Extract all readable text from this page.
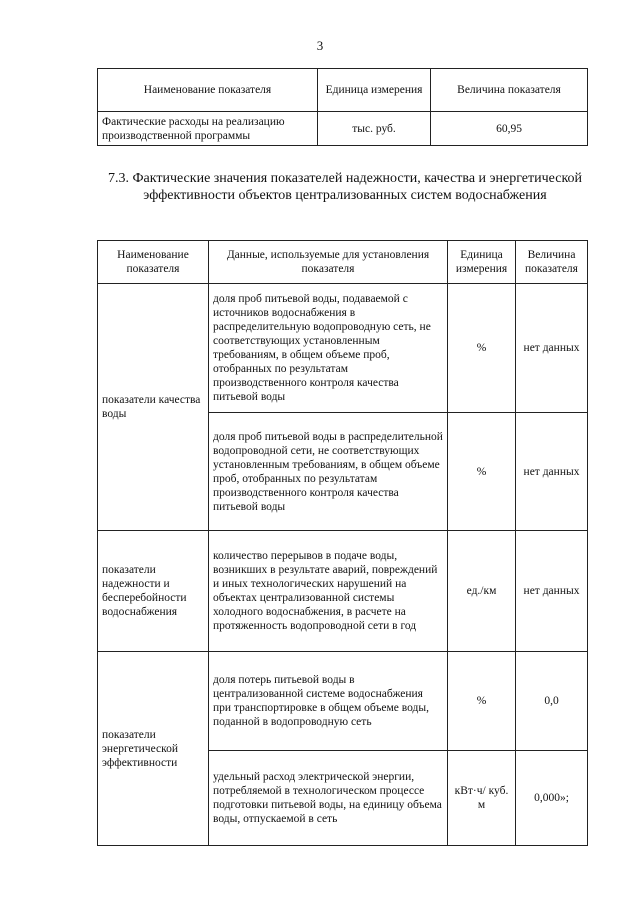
3
Наименование показателя	Единица измерения	Величина показателя
Фактические расходы на реализацию производственной программы	тыс. руб.	60,95
7.3. Фактические значения показателей надежности, качества и энергетической эффективности объектов централизованных систем водоснабжения
Наименование показателя	Данные, используемые для установления показателя	Единица измерения	Величина показателя
показатели качества воды	доля проб питьевой воды, подаваемой с источников водоснабжения в распределительную водопроводную сеть, не соответствующих установленным требованиям, в общем объеме проб, отобранных по результатам производственного контроля качества питьевой воды	%	нет данных
	доля проб питьевой воды в распределительной водопроводной сети, не соответствующих установленным требованиям, в общем объеме проб, отобранных по результатам производственного контроля качества питьевой воды	%	нет данных
показатели надежности и бесперебойности водоснабжения	количество перерывов в подаче воды, возникших в результате аварий, повреждений и иных технологических нарушений на объектах централизованной системы холодного водоснабжения, в расчете на протяженность водопроводной сети в год	ед./км	нет данных
показатели энергетической эффективности	доля потерь питьевой воды в централизованной системе водоснабжения при транспортировке в общем объеме воды, поданной в водопроводную сеть	%	0,0
	удельный расход электрической энергии, потребляемой в технологическом процессе подготовки питьевой воды, на единицу объема воды, отпускаемой в сеть	кВт·ч/ куб. м	0,000»;
